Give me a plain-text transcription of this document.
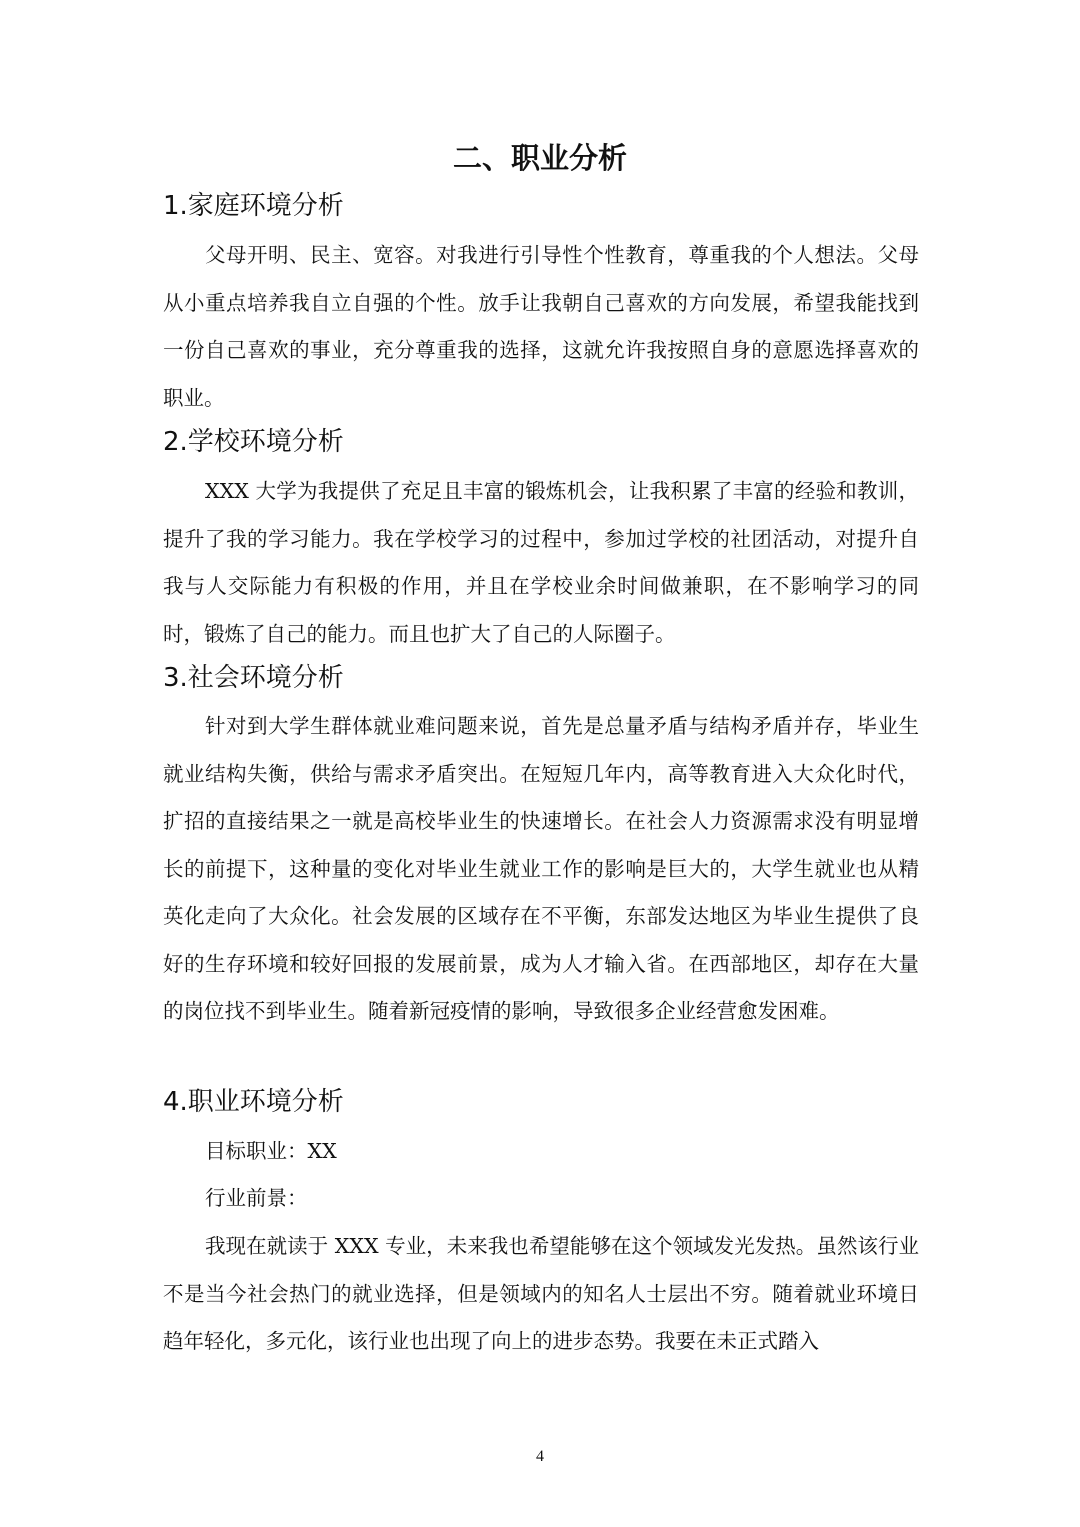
二、职业分析
1.家庭环境分析

父母开明、民主、宽容。对我进行引导性个性教育，尊重我的个人想法。父母从小重点培养我自立自强的个性。放手让我朝自己喜欢的方向发展，希望我能找到一份自己喜欢的事业，充分尊重我的选择，这就允许我按照自身的意愿选择喜欢的职业。

2.学校环境分析

XXX 大学为我提供了充足且丰富的锻炼机会，让我积累了丰富的经验和教训，提升了我的学习能力。我在学校学习的过程中，参加过学校的社团活动，对提升自我与人交际能力有积极的作用，并且在学校业余时间做兼职，在不影响学习的同时，锻炼了自己的能力。而且也扩大了自己的人际圈子。

3.社会环境分析

针对到大学生群体就业难问题来说，首先是总量矛盾与结构矛盾并存，毕业生就业结构失衡，供给与需求矛盾突出。在短短几年内，高等教育进入大众化时代，扩招的直接结果之一就是高校毕业生的快速增长。在社会人力资源需求没有明显增长的前提下，这种量的变化对毕业生就业工作的影响是巨大的，大学生就业也从精英化走向了大众化。社会发展的区域存在不平衡，东部发达地区为毕业生提供了良好的生存环境和较好回报的发展前景，成为人才输入省。在西部地区，却存在大量的岗位找不到毕业生。随着新冠疫情的影响，导致很多企业经营愈发困难。

4.职业环境分析
目标职业：XX
行业前景：

我现在就读于 XXX 专业，未来我也希望能够在这个领域发光发热。虽然该行业不是当今社会热门的就业选择，但是领域内的知名人士层出不穷。随着就业环境日趋年轻化，多元化，该行业也出现了向上的进步态势。我要在未正式踏入

4
